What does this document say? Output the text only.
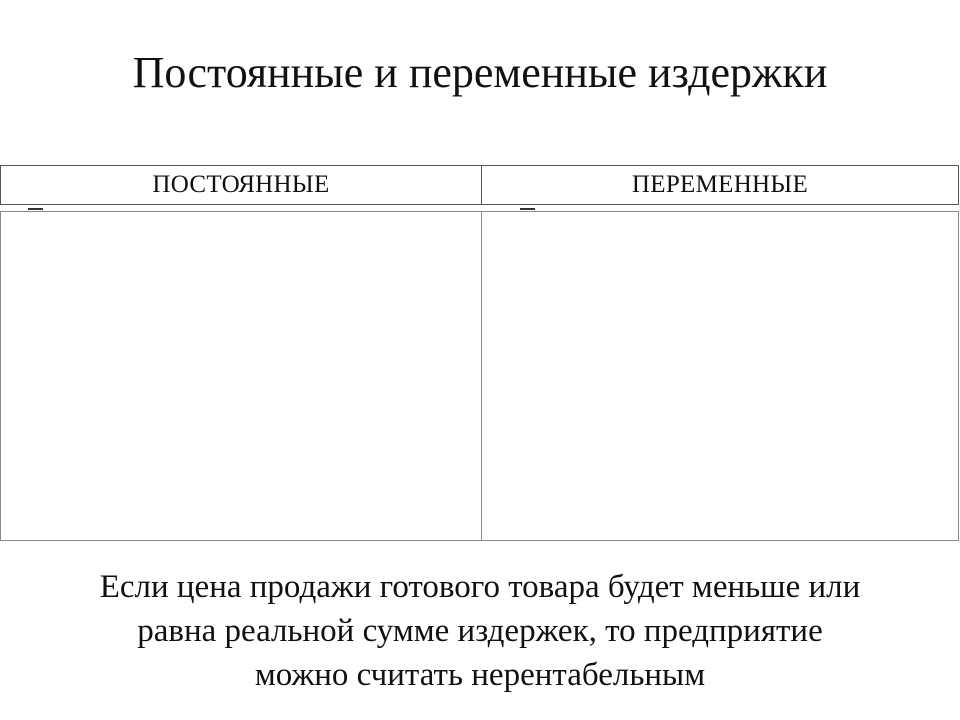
Постоянные и переменные издержки
ПОСТОЯННЫЕ	ПЕРЕМЕННЫЕ

Если цена продажи готового товара будет меньше или
равна реальной сумме издержек, то предприятие
можно считать нерентабельным
